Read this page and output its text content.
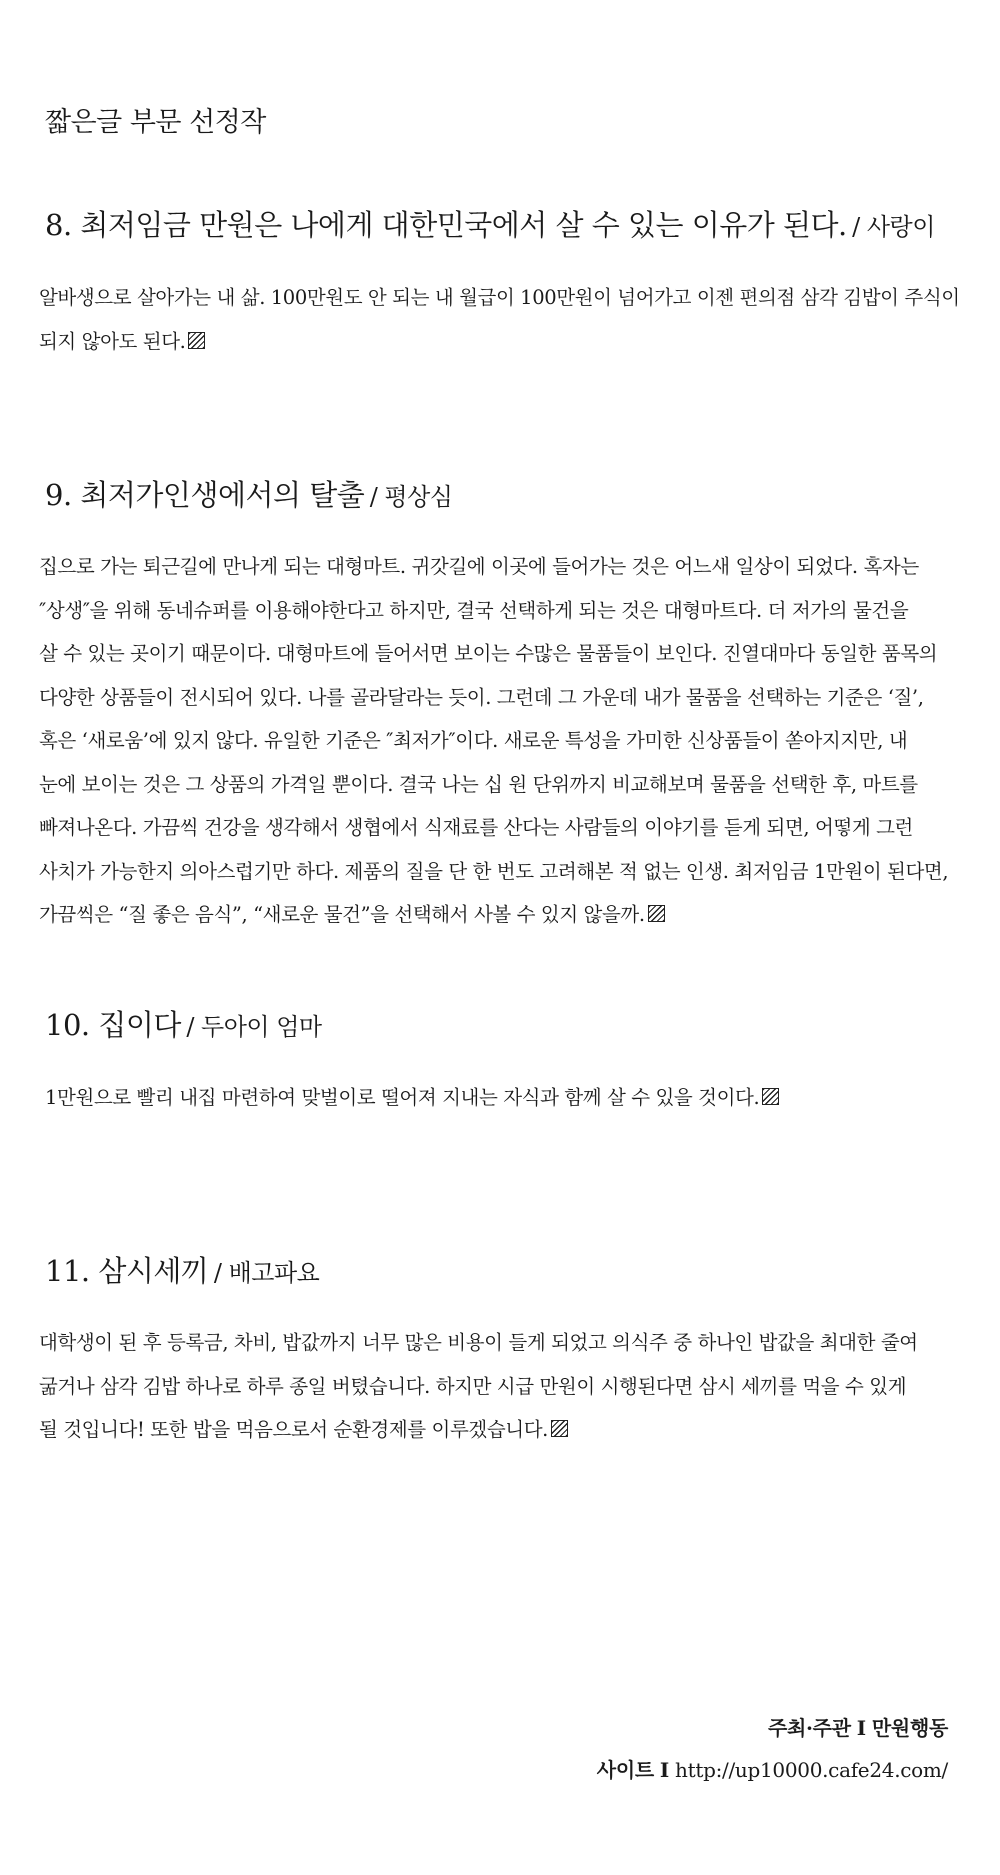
짧은글 부문 선정작
8. 최저임금 만원은 나에게 대한민국에서 살 수 있는 이유가 된다. / 사랑이
알바생으로 살아가는 내 삶. 100만원도 안 되는 내 월급이 100만원이 넘어가고 이젠 편의점 삼각 김밥이 주식이
되지 않아도 된다.
9. 최저가인생에서의 탈출 / 평상심
집으로 가는 퇴근길에 만나게 되는 대형마트. 귀갓길에 이곳에 들어가는 것은 어느새 일상이 되었다. 혹자는
″상생″을 위해 동네슈퍼를 이용해야한다고 하지만, 결국 선택하게 되는 것은 대형마트다. 더 저가의 물건을
살 수 있는 곳이기 때문이다. 대형마트에 들어서면 보이는 수많은 물품들이 보인다. 진열대마다 동일한 품목의
다양한 상품들이 전시되어 있다. 나를 골라달라는 듯이. 그런데 그 가운데 내가 물품을 선택하는 기준은 ‘질’,
혹은 ‘새로움’에 있지 않다. 유일한 기준은 ″최저가″이다. 새로운 특성을 가미한 신상품들이 쏟아지지만, 내
눈에 보이는 것은 그 상품의 가격일 뿐이다. 결국 나는 십 원 단위까지 비교해보며 물품을 선택한 후, 마트를
빠져나온다. 가끔씩 건강을 생각해서 생협에서 식재료를 산다는 사람들의 이야기를 듣게 되면, 어떻게 그런
사치가 가능한지 의아스럽기만 하다. 제품의 질을 단 한 번도 고려해본 적 없는 인생. 최저임금 1만원이 된다면,
가끔씩은 “질 좋은 음식”, “새로운 물건”을 선택해서 사볼 수 있지 않을까.
10. 집이다 / 두아이 엄마
1만원으로 빨리 내집 마련하여 맞벌이로 떨어져 지내는 자식과 함께 살 수 있을 것이다.
11. 삼시세끼 / 배고파요
대학생이 된 후 등록금, 차비, 밥값까지 너무 많은 비용이 들게 되었고 의식주 중 하나인 밥값을 최대한 줄여
굶거나 삼각 김밥 하나로 하루 종일 버텼습니다. 하지만 시급 만원이 시행된다면 삼시 세끼를 먹을 수 있게
될 것입니다! 또한 밥을 먹음으로서 순환경제를 이루겠습니다.
주최·주관 I 만원행동
사이트 I http://up10000.cafe24.com/
